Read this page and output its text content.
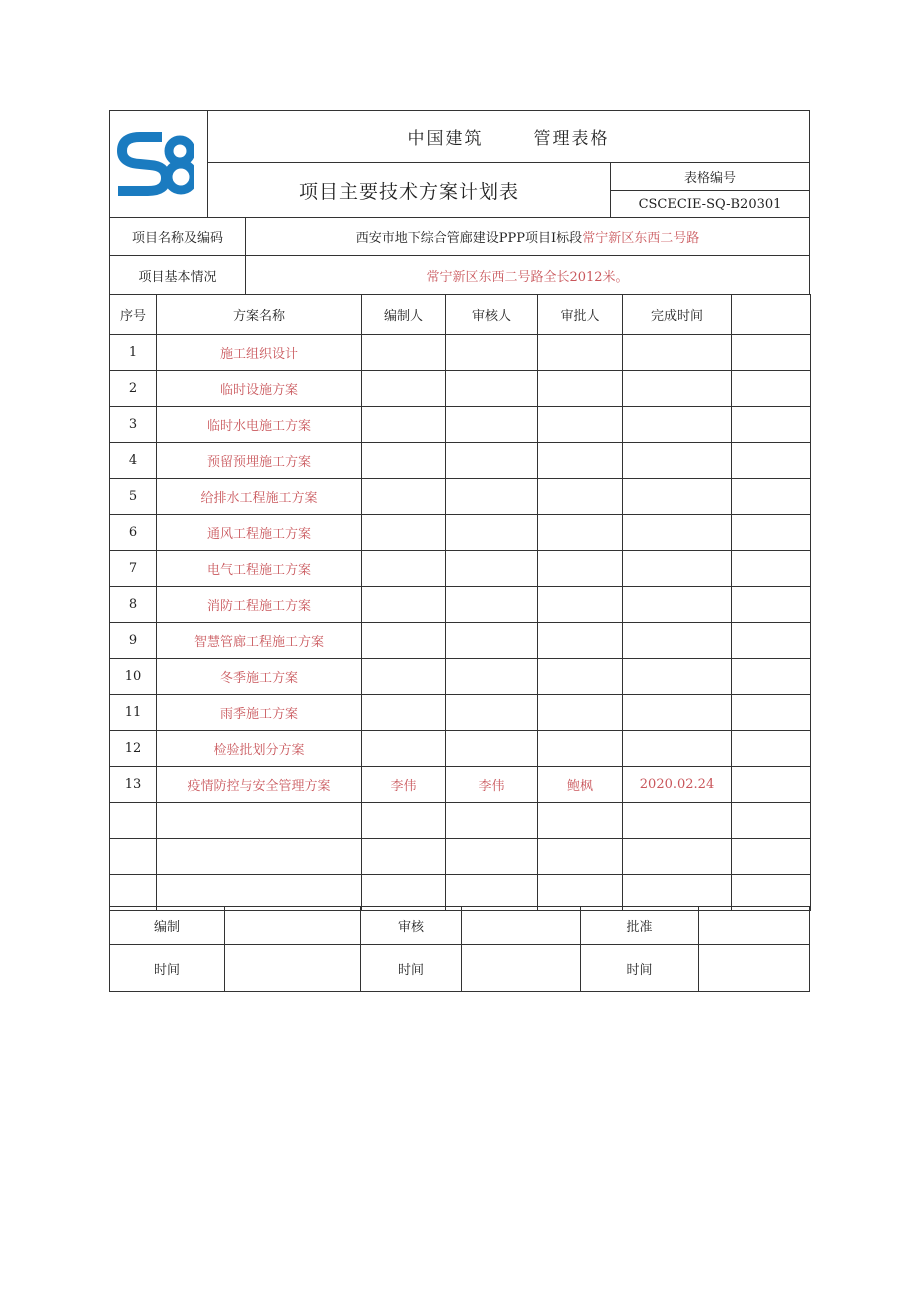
中国建筑	管理表格
项目主要技术方案计划表
表格编号
CSCECIE-SQ-B20301
项目名称及编码	西安市地下综合管廊建设PPP项目Ⅰ标段 常宁新区东西二号路
项目基本情况	常宁新区东西二号路全长2012米。
序号	方案名称	编制人	审核人	审批人	完成时间
1	施工组织设计
2	临时设施方案
3	临时水电施工方案
4	预留预埋施工方案
5	给排水工程施工方案
6	通风工程施工方案
7	电气工程施工方案
8	消防工程施工方案
9	智慧管廊工程施工方案
10	冬季施工方案
11	雨季施工方案
12	检验批划分方案
13	疫情防控与安全管理方案	李伟	李伟	鲍枫	2020.02.24
编制	审核	批准
时间	时间	时间
